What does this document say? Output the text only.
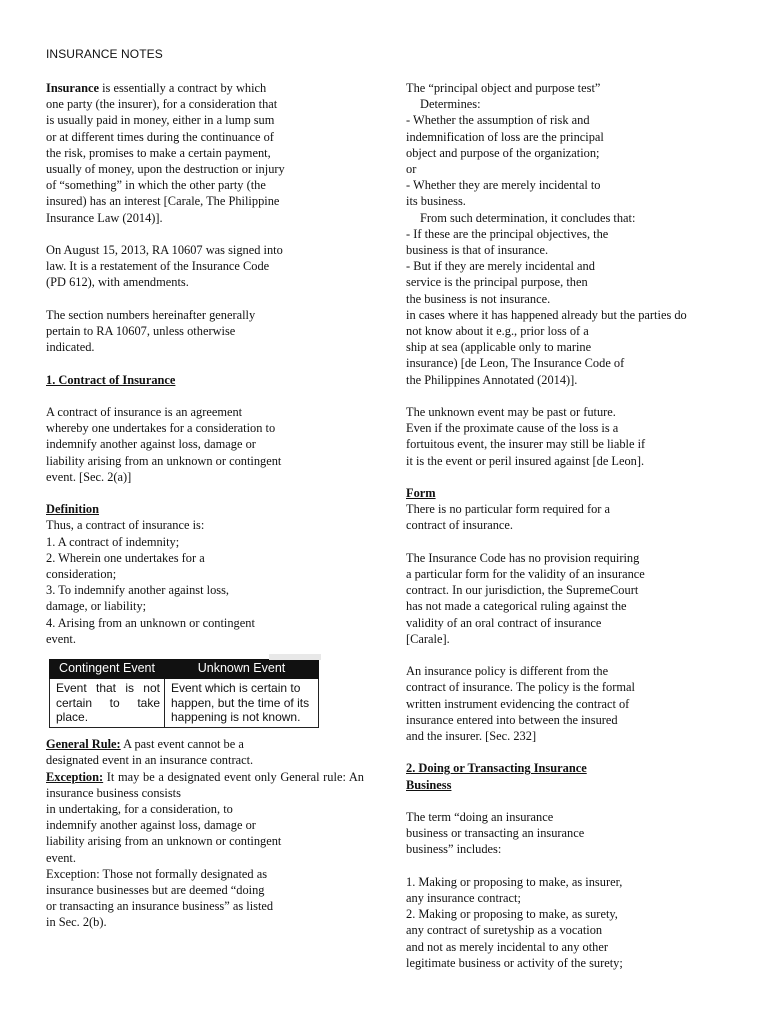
INSURANCE NOTES
Insurance is essentially a contract by which
one party (the insurer), for a consideration that
is usually paid in money, either in a lump sum
or at different times during the continuance of
the risk, promises to make a certain payment,
usually of money, upon the destruction or injury
of “something” in which the other party (the
insured) has an interest [Carale, The Philippine
Insurance Law (2014)].
On August 15, 2013, RA 10607 was signed into
law. It is a restatement of the Insurance Code
(PD 612), with amendments.
The section numbers hereinafter generally
pertain to RA 10607, unless otherwise
indicated.
1. Contract of Insurance
A contract of insurance is an agreement
whereby one undertakes for a consideration to
indemnify another against loss, damage or
liability arising from an unknown or contingent
event. [Sec. 2(a)]
Definition
Thus, a contract of insurance is:
1. A contract of indemnity;
2. Wherein one undertakes for a
consideration;
3. To indemnify another against loss,
damage, or liability;
4. Arising from an unknown or contingent
event.
Contingent Event	Unknown Event
Event that is not certain to take place.	Event which is certain to happen, but the time of its happening is not known.
General Rule: A past event cannot be a
designated event in an insurance contract.
Exception: It may be a designated event only General rule: An insurance business consists
in undertaking, for a consideration, to
indemnify another against loss, damage or
liability arising from an unknown or contingent
event.
Exception: Those not formally designated as
insurance businesses but are deemed “doing
or transacting an insurance business” as listed
in Sec. 2(b).
The “principal object and purpose test”
Determines:
- Whether the assumption of risk and
indemnification of loss are the principal
object and purpose of the organization;
or
- Whether they are merely incidental to
its business.
From such determination, it concludes that:
- If these are the principal objectives, the
business is that of insurance.
- But if they are merely incidental and
service is the principal purpose, then
the business is not insurance.
in cases where it has happened already but the parties do
not know about it e.g., prior loss of a
ship at sea (applicable only to marine
insurance) [de Leon, The Insurance Code of
the Philippines Annotated (2014)].
The unknown event may be past or future.
Even if the proximate cause of the loss is a
fortuitous event, the insurer may still be liable if
it is the event or peril insured against [de Leon].
Form
There is no particular form required for a
contract of insurance.
The Insurance Code has no provision requiring
a particular form for the validity of an insurance
contract. In our jurisdiction, the SupremeCourt
has not made a categorical ruling against the
validity of an oral contract of insurance
[Carale].
An insurance policy is different from the
contract of insurance. The policy is the formal
written instrument evidencing the contract of
insurance entered into between the insured
and the insurer. [Sec. 232]
2. Doing or Transacting Insurance
Business
The term “doing an insurance
business or transacting an insurance
business” includes:
1. Making or proposing to make, as insurer,
any insurance contract;
2. Making or proposing to make, as surety,
any contract of suretyship as a vocation
and not as merely incidental to any other
legitimate business or activity of the surety;
